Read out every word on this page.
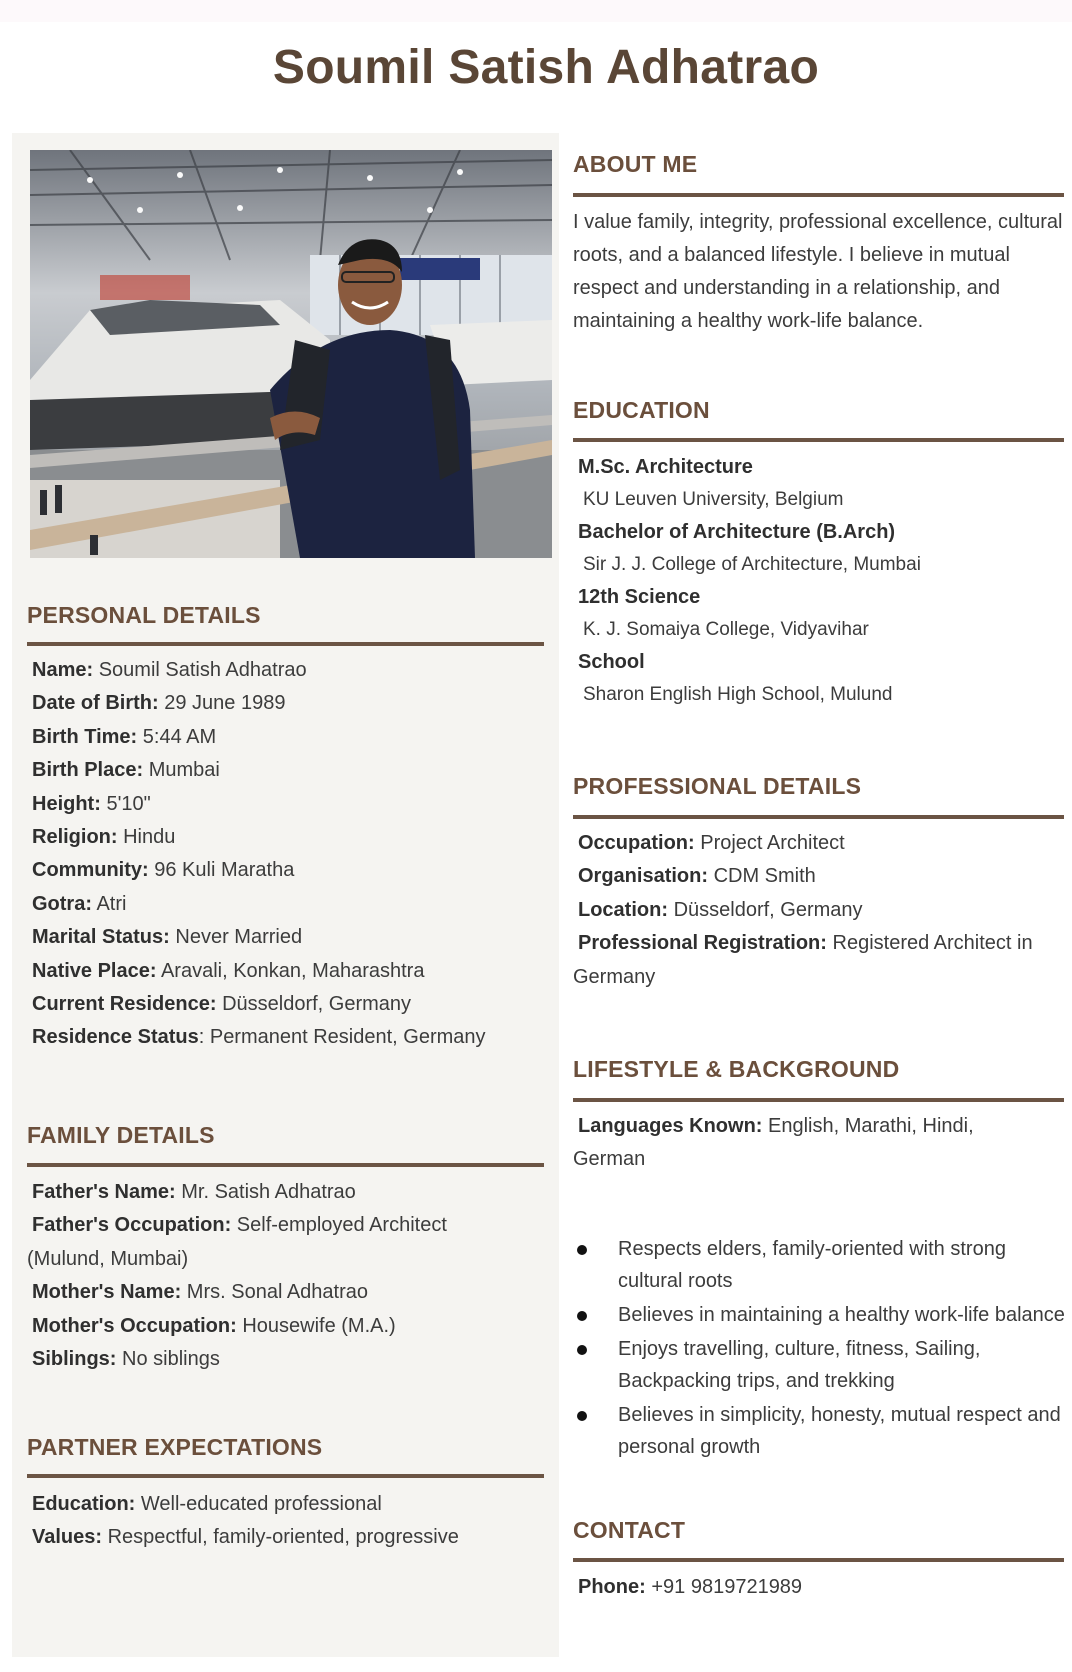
Soumil Satish Adhatrao
PERSONAL DETAILS
Name: Soumil Satish Adhatrao
Date of Birth: 29 June 1989
Birth Time: 5:44 AM
Birth Place: Mumbai
Height: 5'10"
Religion: Hindu
Community: 96 Kuli Maratha
Gotra: Atri
Marital Status: Never Married
Native Place: Aravali, Konkan, Maharashtra
Current Residence: Düsseldorf, Germany
Residence Status: Permanent Resident, Germany
FAMILY DETAILS
Father's Name: Mr. Satish Adhatrao
Father's Occupation: Self-employed Architect
(Mulund, Mumbai)
Mother's Name: Mrs. Sonal Adhatrao
Mother's Occupation: Housewife (M.A.)
Siblings: No siblings
PARTNER EXPECTATIONS
Education: Well-educated professional
Values: Respectful, family-oriented, progressive
ABOUT ME
I value family, integrity, professional excellence, cultural roots, and a balanced lifestyle. I believe in mutual respect and understanding in a relationship, and maintaining a healthy work-life balance.
EDUCATION
M.Sc. Architecture
KU Leuven University, Belgium
Bachelor of Architecture (B.Arch)
Sir J. J. College of Architecture, Mumbai
12th Science
K. J. Somaiya College, Vidyavihar
School
Sharon English High School, Mulund
PROFESSIONAL DETAILS
Occupation: Project Architect
Organisation: CDM Smith
Location: Düsseldorf, Germany
Professional Registration: Registered Architect in
Germany
LIFESTYLE & BACKGROUND
Languages Known: English, Marathi, Hindi,
German
Respects elders, family-oriented with strong cultural roots
Believes in maintaining a healthy work-life balance
Enjoys travelling, culture, fitness, Sailing, Backpacking trips, and trekking
Believes in simplicity, honesty, mutual respect and personal growth
CONTACT
Phone: +91 9819721989
